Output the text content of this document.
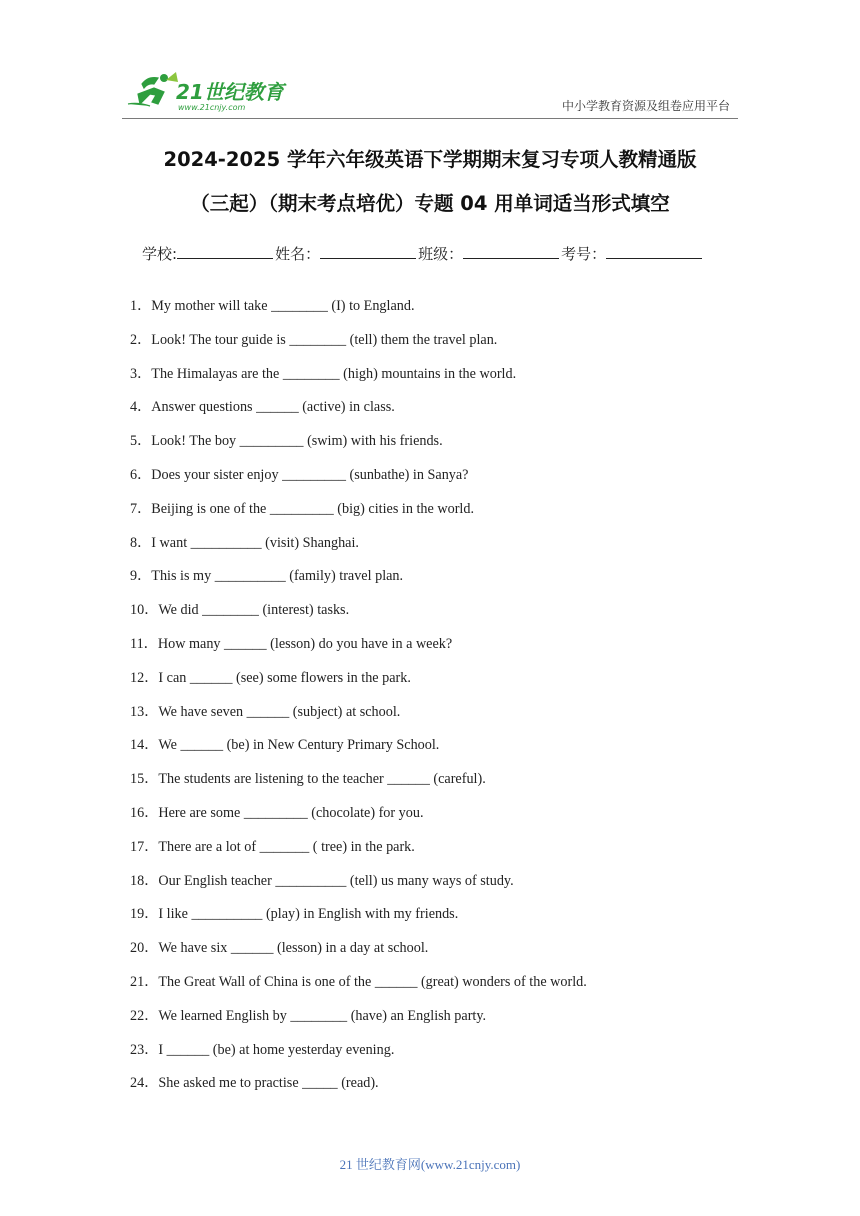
21世纪教育
www.21cnjy.com	中小学教育资源及组卷应用平台
2024-2025 学年六年级英语下学期期末复习专项人教精通版
（三起）（期末考点培优）专题 04 用单词适当形式填空
学校:	姓名：	班级：	考号：
1．My mother will take ________ (I) to England.
2．Look! The tour guide is ________ (tell) them the travel plan.
3．The Himalayas are the ________ (high) mountains in the world.
4．Answer questions ______ (active) in class.
5．Look! The boy _________ (swim) with his friends.
6．Does your sister enjoy _________ (sunbathe) in Sanya?
7．Beijing is one of the _________ (big) cities in the world.
8．I want __________ (visit) Shanghai.
9．This is my __________ (family) travel plan.
10．We did ________ (interest) tasks.
11．How many ______ (lesson) do you have in a week?
12．I can ______ (see) some flowers in the park.
13．We have seven ______ (subject) at school.
14．We ______ (be) in New Century Primary School.
15．The students are listening to the teacher ______ (careful).
16．Here are some _________ (chocolate) for you.
17．There are a lot of _______ ( tree) in the park.
18．Our English teacher __________ (tell) us many ways of study.
19．I like __________ (play) in English with my friends.
20．We have six ______ (lesson) in a day at school.
21．The Great Wall of China is one of the ______ (great) wonders of the world.
22．We learned English by ________ (have) an English party.
23．I ______ (be) at home yesterday evening.
24．She asked me to practise _____ (read).
21 世纪教育网(www.21cnjy.com)
